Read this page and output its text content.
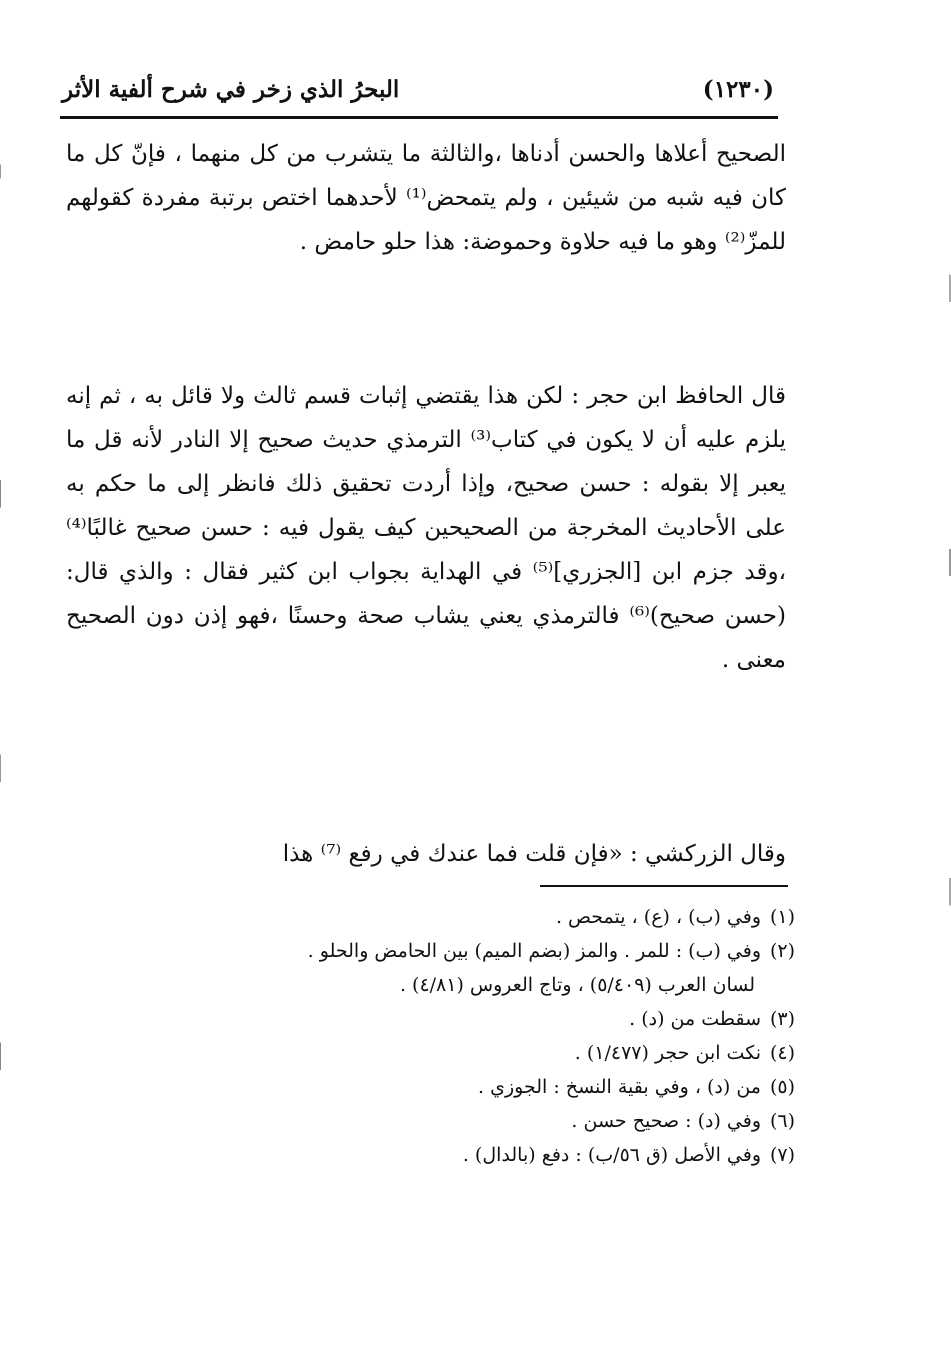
(١٢٣٠)
البحرُ الذي زخر في شرح ألفية الأثر

الصحيح أعلاها والحسن أدناها ،والثالثة ما يتشرب من كل منهما ، فإنّ كل ما كان فيه شبه من شيئين ، ولم يتمحض⁽¹⁾ لأحدهما اختص برتبة مفردة كقولهم للمزّ⁽²⁾ وهو ما فيه حلاوة وحموضة: هذا حلو حامض .

قال الحافظ ابن حجر : لكن هذا يقتضي إثبات قسم ثالث ولا قائل به ، ثم إنه يلزم عليه أن لا يكون في كتاب⁽³⁾ الترمذي حديث صحيح إلا النادر لأنه قل ما يعبر إلا بقوله : حسن صحيح، وإذا أردت تحقيق ذلك فانظر إلى ما حكم به على الأحاديث المخرجة من الصحيحين كيف يقول فيه : حسن صحيح غالبًا⁽⁴⁾ ،وقد جزم ابن [الجزري]⁽⁵⁾ في الهداية بجواب ابن كثير فقال : والذي قال: (حسن صحيح)⁽⁶⁾ فالترمذي يعني يشاب صحة وحسنًا ،فهو إذن دون الصحيح معنى .

وقال الزركشي : «فإن قلت فما عندك في رفع ⁽⁷⁾ هذا

(١)وفي (ب) ، (ع) ، يتمحص .
(٢)وفي (ب) : للمر . والمز (بضم الميم) بين الحامض والحلو .
لسان العرب (٥/٤٠٩) ، وتاج العروس (٤/٨١) .
(٣)سقطت من (د) .
(٤)نكت ابن حجر (١/٤٧٧) .
(٥)من (د) ، وفي بقية النسخ : الجوزي .
(٦)وفي (د) : صحيح حسن .
(٧)وفي الأصل (ق ٥٦/ب) : دفع (بالدال) .
